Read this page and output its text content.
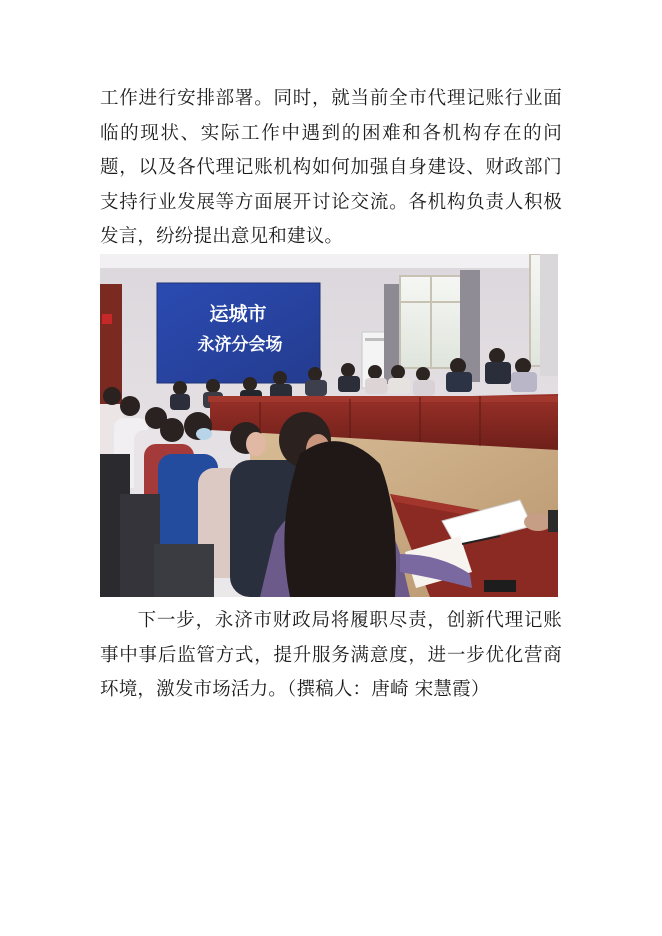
工作进行安排部署。同时，就当前全市代理记账行业面临的现状、实际工作中遇到的困难和各机构存在的问题，以及各代理记账机构如何加强自身建设、财政部门支持行业发展等方面展开讨论交流。各机构负责人积极发言，纷纷提出意见和建议。

运城市
永济分会场

下一步，永济市财政局将履职尽责，创新代理记账事中事后监管方式，提升服务满意度，进一步优化营商环境，激发市场活力。（撰稿人：唐崎 宋慧霞）
